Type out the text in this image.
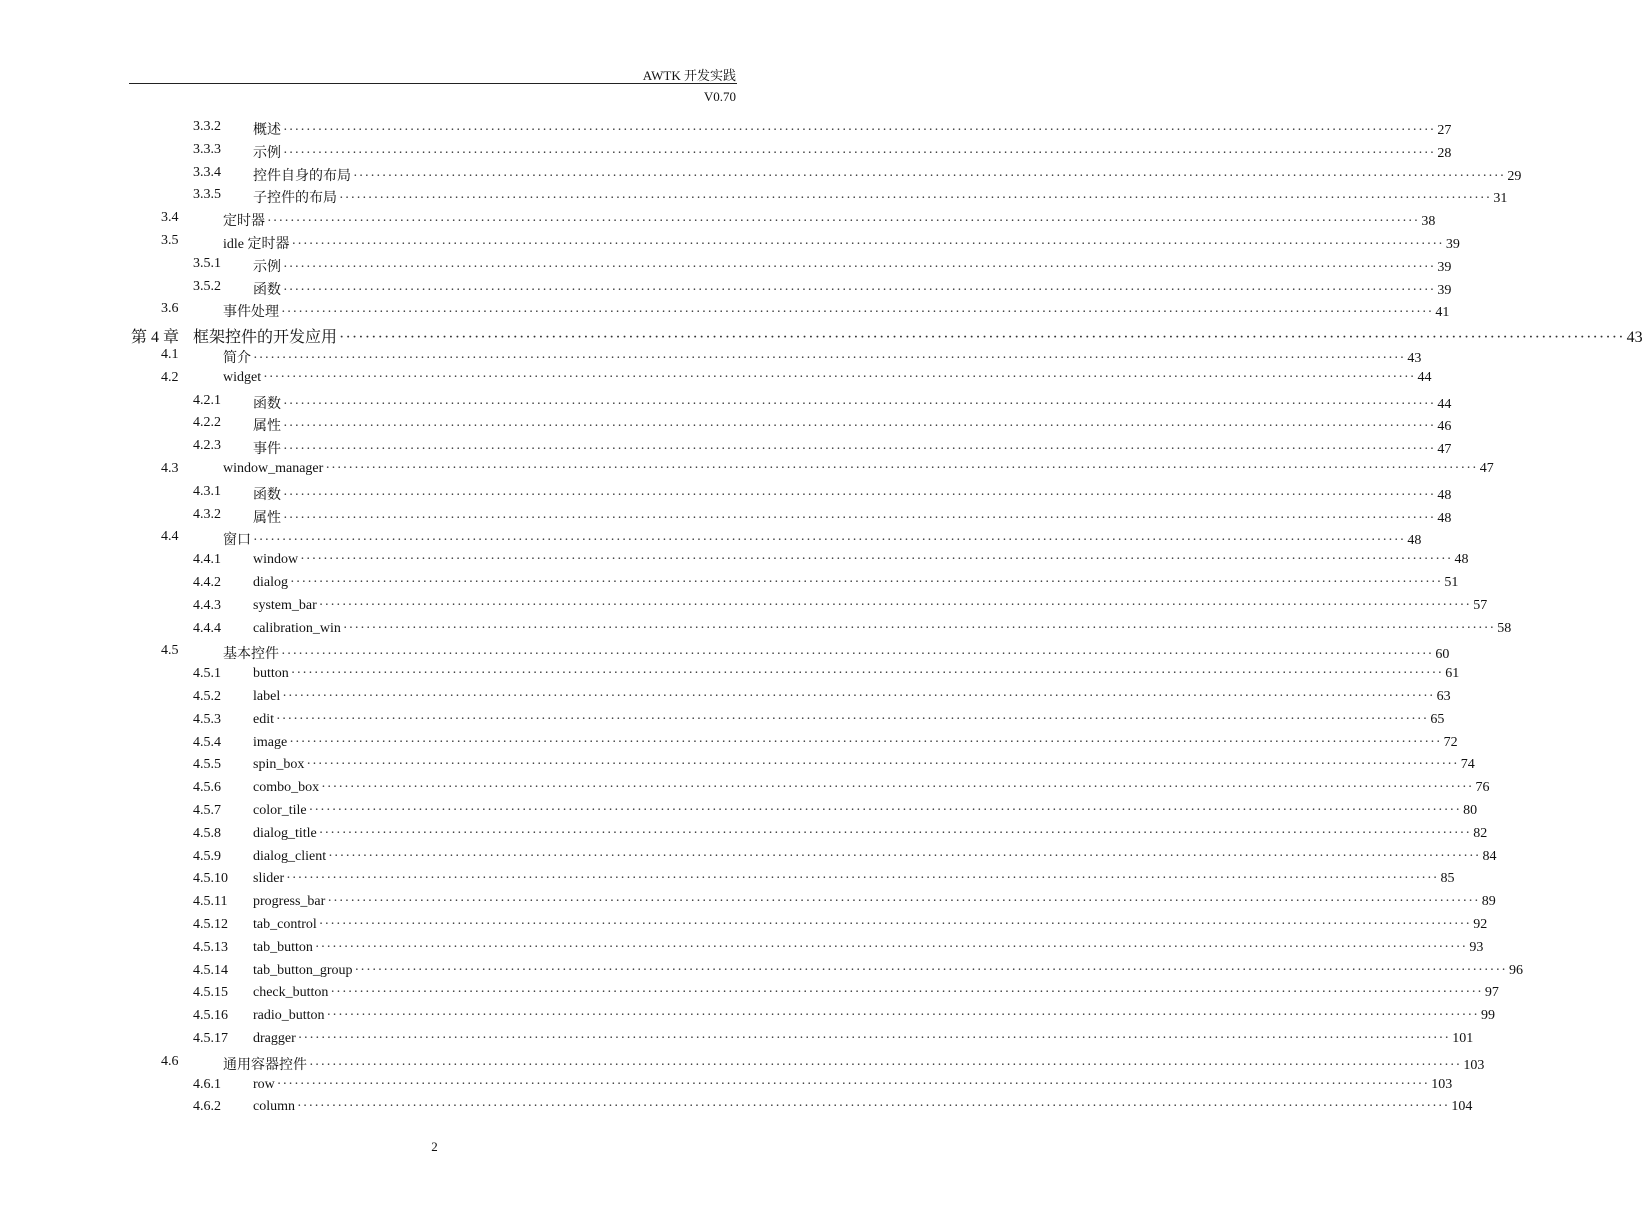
AWTK 开发实践
V0.70
3.3.2 概述 ········································································································································································································ 27
3.3.3 示例 ········································································································································································································ 28
3.3.4 控件自身的布局 ········································································································································································································ 29
3.3.5 子控件的布局 ········································································································································································································ 31
3.4	定时器 ········································································································································································································ 38
3.5	idle 定时器 ········································································································································································································ 39
3.5.1 示例 ········································································································································································································ 39
3.5.2 函数 ········································································································································································································ 39
3.6	事件处理 ········································································································································································································ 41
第 4 章 框架控件的开发应用 ········································································································································································································ 43
4.1	简介 ········································································································································································································ 43
4.2	widget ········································································································································································································ 44
4.2.1 函数 ········································································································································································································ 44
4.2.2 属性 ········································································································································································································ 46
4.2.3 事件 ········································································································································································································ 47
4.3	window_manager ········································································································································································································ 47
4.3.1 函数 ········································································································································································································ 48
4.3.2 属性 ········································································································································································································ 48
4.4	窗口 ········································································································································································································ 48
4.4.1 window ········································································································································································································ 48
4.4.2 dialog ········································································································································································································ 51
4.4.3 system_bar ········································································································································································································ 57
4.4.4 calibration_win ········································································································································································································ 58
4.5	基本控件 ········································································································································································································ 60
4.5.1 button ········································································································································································································ 61
4.5.2 label ········································································································································································································ 63
4.5.3 edit ········································································································································································································ 65
4.5.4 image ········································································································································································································ 72
4.5.5 spin_box ········································································································································································································ 74
4.5.6 combo_box ········································································································································································································ 76
4.5.7 color_tile ········································································································································································································ 80
4.5.8 dialog_title ········································································································································································································ 82
4.5.9 dialog_client ········································································································································································································ 84
4.5.10 slider ········································································································································································································ 85
4.5.11 progress_bar ········································································································································································································ 89
4.5.12 tab_control ········································································································································································································ 92
4.5.13 tab_button ········································································································································································································ 93
4.5.14 tab_button_group ········································································································································································································ 96
4.5.15 check_button ········································································································································································································ 97
4.5.16 radio_button ········································································································································································································ 99
4.5.17 dragger ········································································································································································································ 101
4.6	通用容器控件 ········································································································································································································ 103
4.6.1 row ········································································································································································································ 103
4.6.2 column ········································································································································································································ 104
2
